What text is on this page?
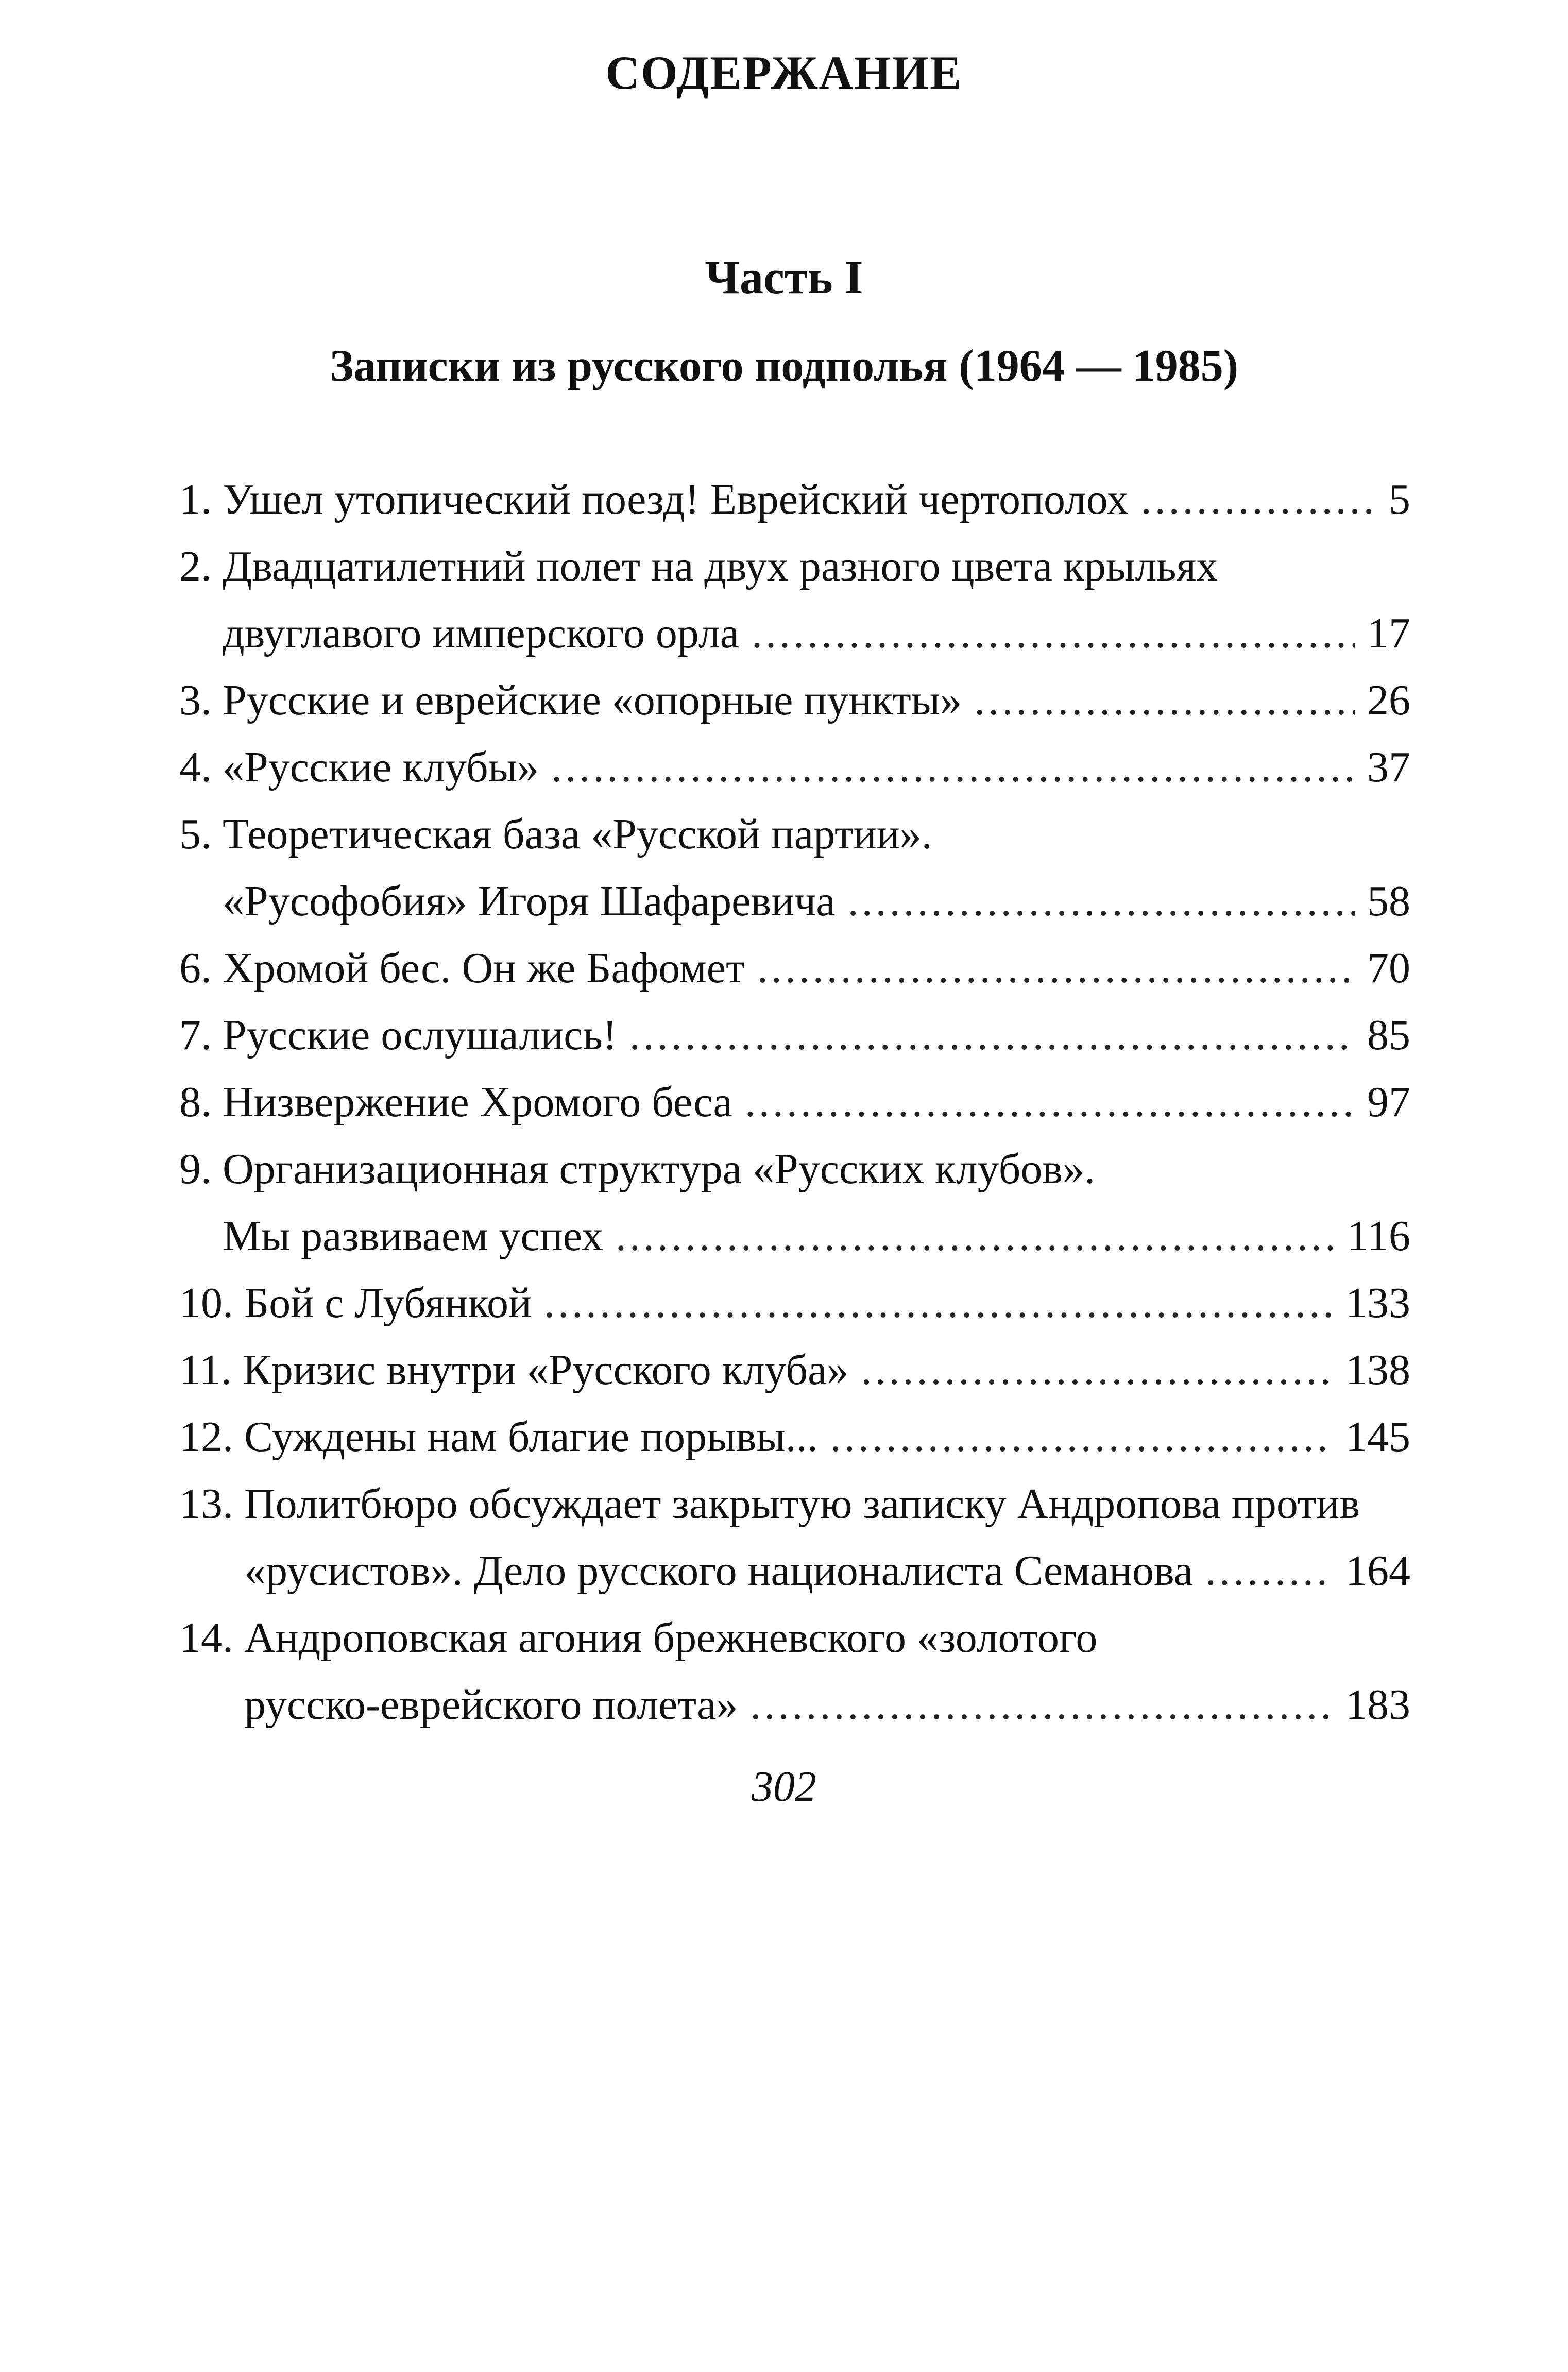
СОДЕРЖАНИЕ
Часть I
Записки из русского подполья (1964 — 1985)
1. Ушел утопический поезд! Еврейский чертополох .....	5
2. Двадцатилетний полет на двух разного цвета крыльях
двуглавого имперского орла .....	17
3. Русские и еврейские «опорные пункты» .....	26
4. «Русские клубы» .....	37
5. Теоретическая база «Русской партии».
«Русофобия» Игоря Шафаревича .....	58
6. Хромой бес. Он же Бафомет .....	70
7. Русские ослушались! .....	85
8. Низвержение Хромого беса .....	97
9. Организационная структура «Русских клубов».
Мы развиваем успех .....	116
10. Бой с Лубянкой .....	133
11. Кризис внутри «Русского клуба» .....	138
12. Суждены нам благие порывы... .....	145
13. Политбюро обсуждает закрытую записку Андропова против
«русистов». Дело русского националиста Семанова .....	164
14. Андроповская агония брежневского «золотого
русско-еврейского полета» .....	183
302
